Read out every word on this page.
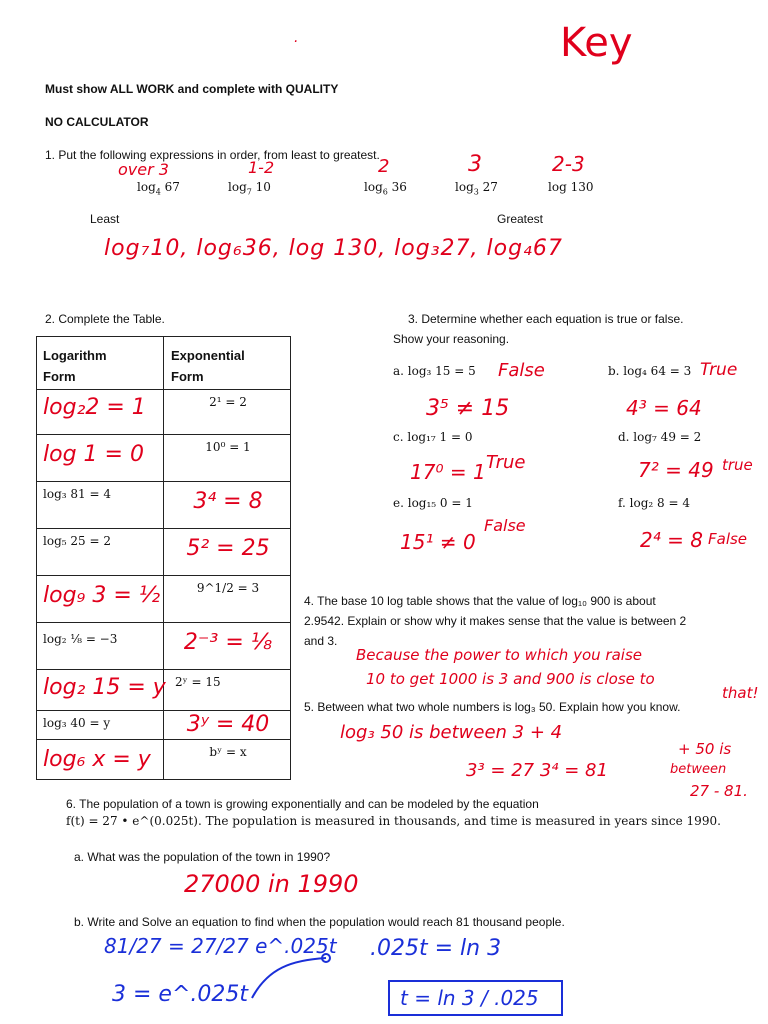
.	Key
Must show ALL WORK and complete with QUALITY
NO CALCULATOR
1. Put the following expressions in order, from least to greatest.
over 3	1-2	2	3	2-3
$\log_4 67$	$\log_7 10$	$\log_6 36$	$\log_3 27$	log 130
Least	Greatest
log₇10, log₆36, log 130, log₃27, log₄67
2. Complete the Table.
Logarithm
Form
Exponential
Form
log₂2 = 1	2¹ = 2
log 1 = 0	10⁰ = 1
log₃ 81 = 4	3⁴ = 8
log₅ 25 = 2	5² = 25
log₉ 3 = ½	9^1/2 = 3
log₂ ⅛ = −3	2⁻³ = ⅛
log₂ 15 = y 2ʸ = 15
log₃ 40 = y	3ʸ = 40
log₆ x = y	bʸ = x
3. Determine whether each equation is true or false.
Show your reasoning.
a. log₃ 15 = 5 False
3⁵ ≠ 15
b. log₄ 64 = 3 True
4³ = 64
c. log₁₇ 1 = 0
True
17⁰ = 1
d. log₇ 49 = 2
7² = 49 true
e. log₁₅ 0 = 1
False
15¹ ≠ 0
f. log₂ 8 = 4
2⁴ = 8 False
4. The base 10 log table shows that the value of log₁₀ 900 is about
2.9542. Explain or show why it makes sense that the value is between 2
and 3.
Because the power to which you raise
10 to get 1000 is 3 and 900 is close to
that!
5. Between what two whole numbers is log₃ 50. Explain how you know.
log₃ 50 is between 3 + 4
3³ = 27 3⁴ = 81
+ 50 is
between
27 - 81.
6. The population of a town is growing exponentially and can be modeled by the equation
f(t) = 27 • e^(0.025t). The population is measured in thousands, and time is measured in years since 1990.
a. What was the population of the town in 1990?
27000 in 1990
b. Write and Solve an equation to find when the population would reach 81 thousand people.
81/27 = 27/27 e^.025t
3 = e^.025t
.025t = ln 3
t = ln 3 / .025
